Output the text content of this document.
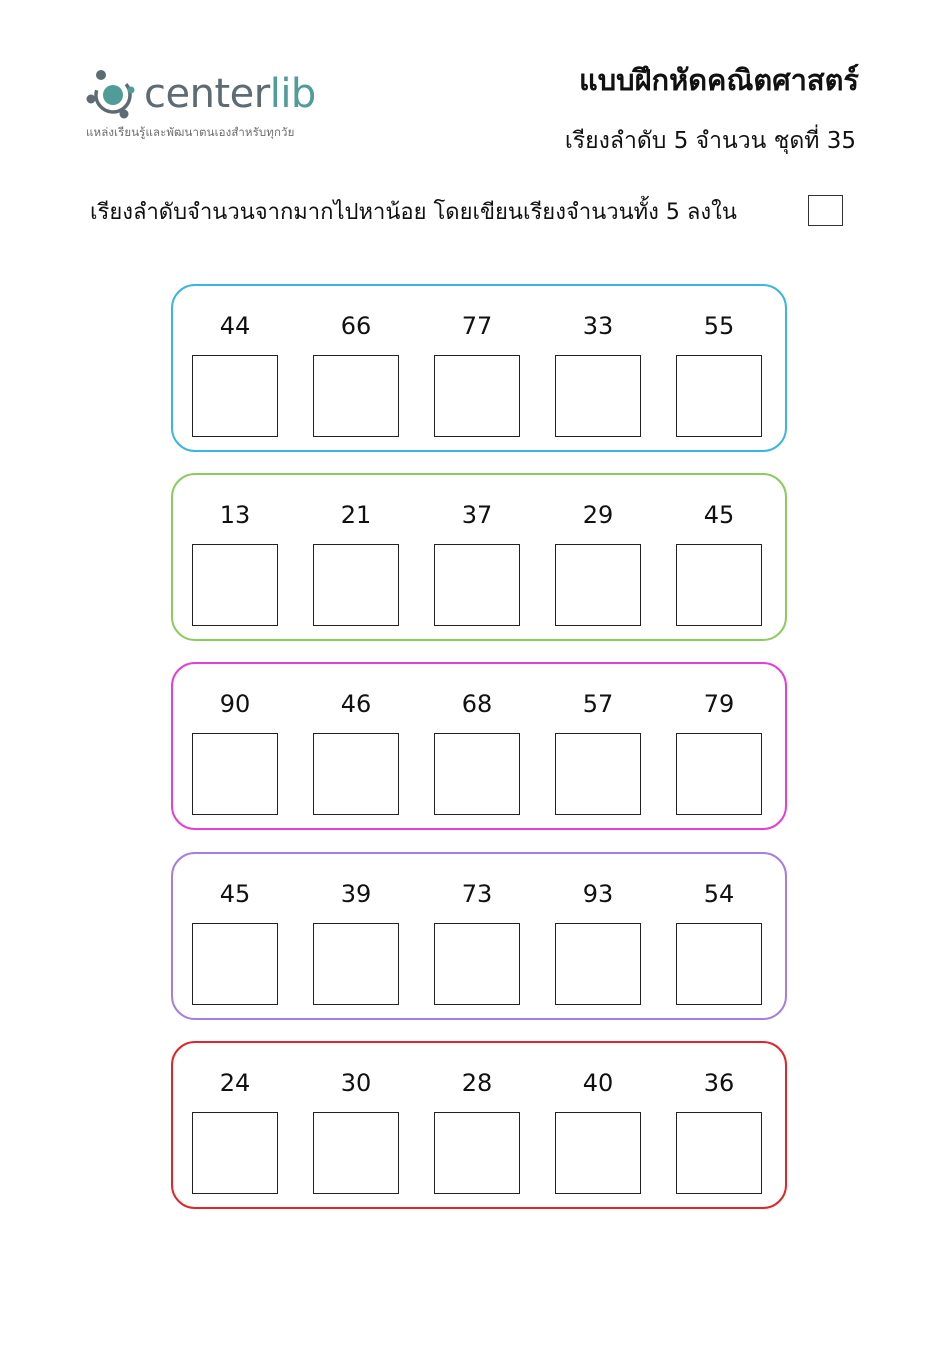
centerlib
แหล่งเรียนรู้และพัฒนาตนเองสำหรับทุกวัย
แบบฝึกหัดคณิตศาสตร์
เรียงลำดับ 5 จำนวน ชุดที่ 35
เรียงลำดับจำนวนจากมากไปหาน้อย โดยเขียนเรียงจำนวนทั้ง 5 ลงใน
44	66	77	33	55
13	21	37	29	45
90	46	68	57	79
45	39	73	93	54
24	30	28	40	36
